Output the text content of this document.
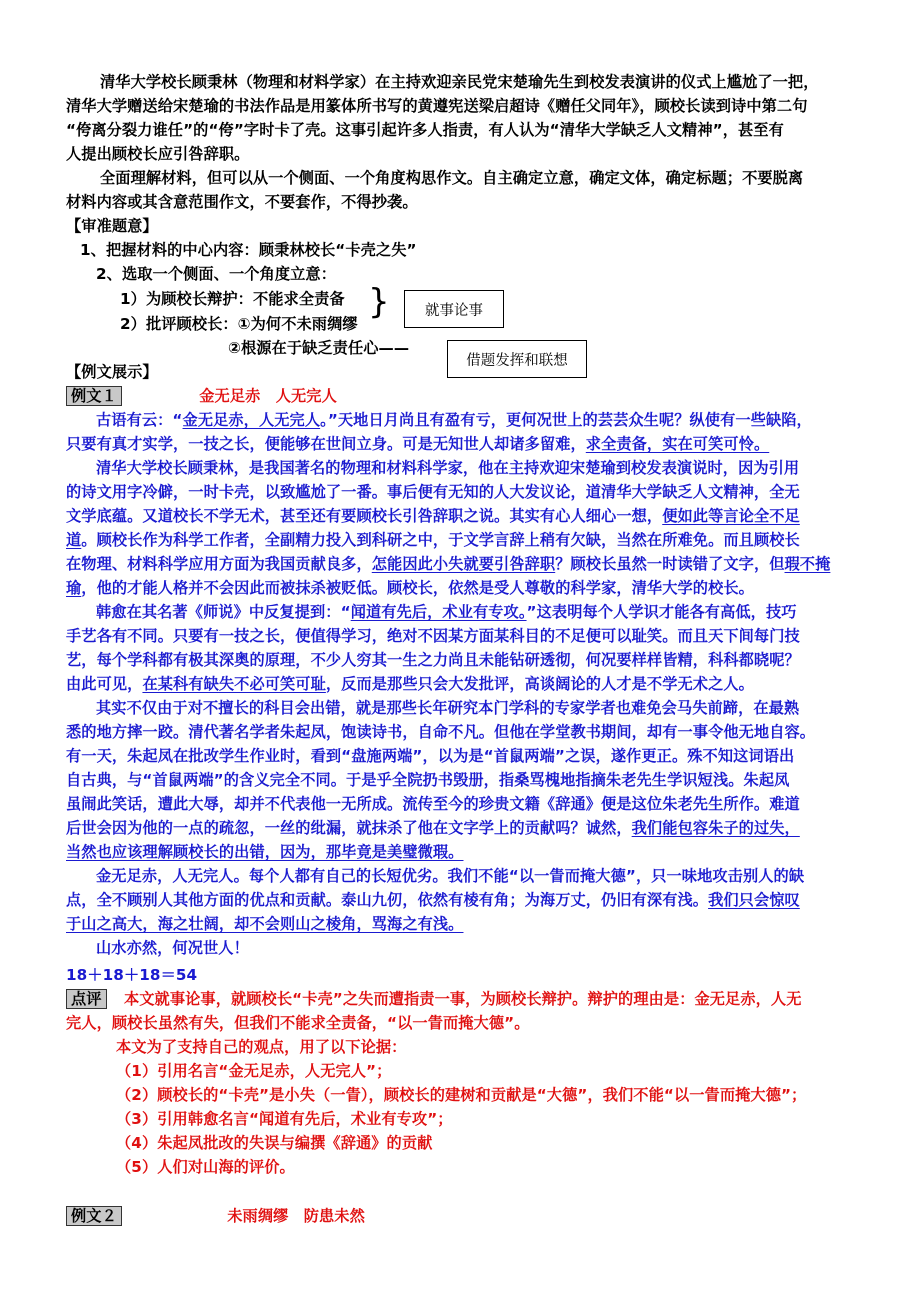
清华大学校长顾秉林（物理和材料学家）在主持欢迎亲民党宋楚瑜先生到校发表演讲的仪式上尴尬了一把，
清华大学赠送给宋楚瑜的书法作品是用篆体所书写的黄遵宪送梁启超诗《赠任父同年》，顾校长读到诗中第二句
“侉离分裂力谁任”的“侉”字时卡了壳。这事引起许多人指责，有人认为“清华大学缺乏人文精神”，甚至有
人提出顾校长应引咎辞职。
全面理解材料，但可以从一个侧面、一个角度构思作文。自主确定立意，确定文体，确定标题；不要脱离
材料内容或其含意范围作文，不要套作，不得抄袭。
【审准题意】
1、把握材料的中心内容：顾秉林校长“卡壳之失”
2、选取一个侧面、一个角度立意：
1）为顾校长辩护：不能求全责备
2）批评顾校长：①为何不未雨绸缪
②根源在于缺乏责任心——
}	就事论事
借题发挥和联想
【例文展示】
例文１	金无足赤　人无完人
古语有云：“金无足赤，人无完人。”天地日月尚且有盈有亏，更何况世上的芸芸众生呢？纵使有一些缺陷，
只要有真才实学，一技之长，便能够在世间立身。可是无知世人却诸多留难，求全责备，实在可笑可怜。
清华大学校长顾秉林，是我国著名的物理和材料科学家，他在主持欢迎宋楚瑜到校发表演说时，因为引用
的诗文用字冷僻，一时卡壳，以致尴尬了一番。事后便有无知的人大发议论，道清华大学缺乏人文精神，全无
文学底蕴。又道校长不学无术，甚至还有要顾校长引咎辞职之说。其实有心人细心一想，便如此等言论全不足
道。顾校长作为科学工作者，全副精力投入到科研之中，于文学言辞上稍有欠缺，当然在所难免。而且顾校长
在物理、材料科学应用方面为我国贡献良多，怎能因此小失就要引咎辞职？顾校长虽然一时读错了文字，但瑕不掩
瑜，他的才能人格并不会因此而被抹杀被贬低。顾校长，依然是受人尊敬的科学家，清华大学的校长。
韩愈在其名著《师说》中反复提到：“闻道有先后，术业有专攻。”这表明每个人学识才能各有高低，技巧
手艺各有不同。只要有一技之长，便值得学习，绝对不因某方面某科目的不足便可以耻笑。而且天下间每门技
艺，每个学科都有极其深奥的原理，不少人穷其一生之力尚且未能钻研透彻，何况要样样皆精，科科都晓呢？
由此可见，在某科有缺失不必可笑可耻，反而是那些只会大发批评，高谈阔论的人才是不学无术之人。
其实不仅由于对不擅长的科目会出错，就是那些长年研究本门学科的专家学者也难免会马失前蹄，在最熟
悉的地方摔一跤。清代著名学者朱起凤，饱读诗书，自命不凡。但他在学堂教书期间，却有一事令他无地自容。
有一天，朱起凤在批改学生作业时，看到“盘施两端”，以为是“首鼠两端”之误，遂作更正。殊不知这词语出
自古典，与“首鼠两端”的含义完全不同。于是乎全院扔书毁册，指桑骂槐地指摘朱老先生学识短浅。朱起凤
虽闹此笑话，遭此大辱，却并不代表他一无所成。流传至今的珍贵文籍《辞通》便是这位朱老先生所作。难道
后世会因为他的一点的疏忽，一丝的纰漏，就抹杀了他在文字学上的贡献吗？诚然，我们能包容朱子的过失，
当然也应该理解顾校长的出错，因为，那毕竟是美璧微瑕。
金无足赤，人无完人。每个人都有自己的长短优劣。我们不能“以一眚而掩大德”，只一味地攻击别人的缺
点，全不顾别人其他方面的优点和贡献。泰山九仞，依然有棱有角；为海万丈，仍旧有深有浅。我们只会惊叹
于山之高大，海之壮阔，却不会则山之棱角，骂海之有浅。
山水亦然，何况世人！
18＋18＋18＝54
点评 本文就事论事，就顾校长“卡壳”之失而遭指责一事，为顾校长辩护。辩护的理由是：金无足赤，人无
完人，顾校长虽然有失，但我们不能求全责备，“以一眚而掩大德”。
本文为了支持自己的观点，用了以下论据：
（1）引用名言“金无足赤，人无完人”；
（2）顾校长的“卡壳”是小失（一眚），顾校长的建树和贡献是“大德”，我们不能“以一眚而掩大德”；
（3）引用韩愈名言“闻道有先后，术业有专攻”；
（4）朱起凤批改的失误与编撰《辞通》的贡献
（5）人们对山海的评价。
例文２	未雨绸缪　防患未然
